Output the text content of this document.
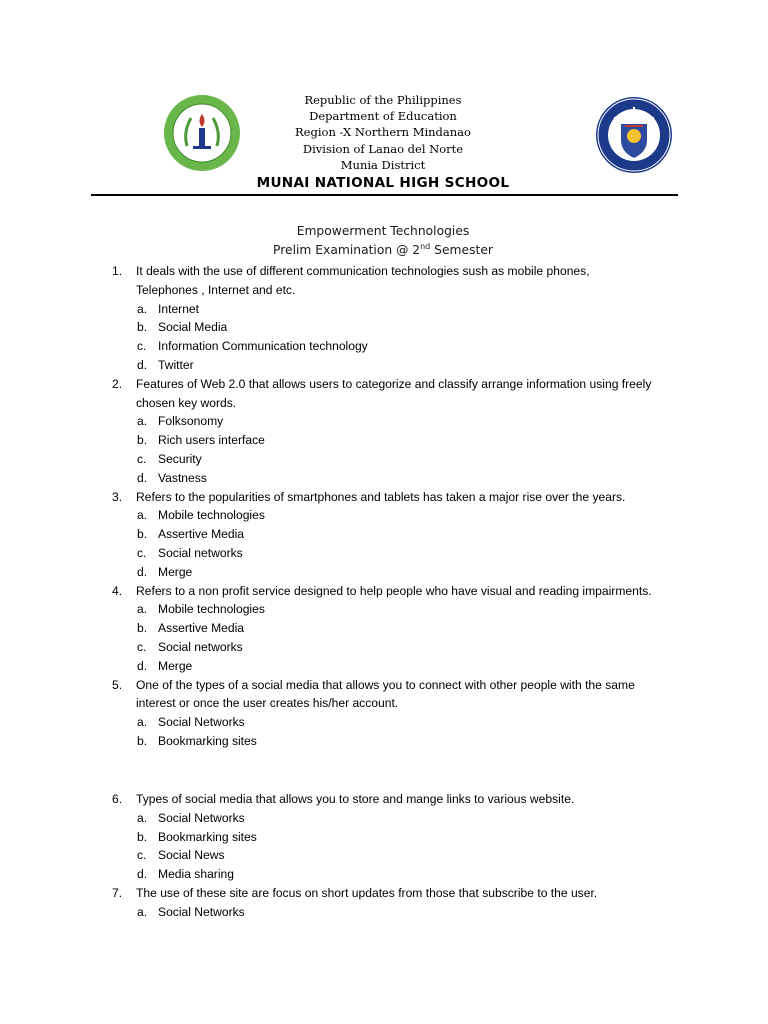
Republic of the Philippines
Department of Education
Region -X Northern Mindanao
Division of Lanao del Norte
Munia District
MUNAI NATIONAL HIGH SCHOOL
Empowerment Technologies
Prelim Examination @ 2nd Semester
1. It deals with the use of different communication technologies sush as mobile phones,
Telephones , Internet and etc.
a. Internet
b. Social Media
c. Information Communication technology
d. Twitter
2. Features of Web 2.0 that allows users to categorize and classify arrange information using freely
chosen key words.
a. Folksonomy
b. Rich users interface
c. Security
d. Vastness
3. Refers to the popularities of smartphones and tablets has taken a major rise over the years.
a. Mobile technologies
b. Assertive Media
c. Social networks
d. Merge
4. Refers to a non profit service designed to help people who have visual and reading impairments.
a. Mobile technologies
b. Assertive Media
c. Social networks
d. Merge
5. One of the types of a social media that allows you to connect with other people with the same
interest or once the user creates his/her account.
a. Social Networks
b. Bookmarking sites
6. Types of social media that allows you to store and mange links to various website.
a. Social Networks
b. Bookmarking sites
c. Social News
d. Media sharing
7. The use of these site are focus on short updates from those that subscribe to the user.
a. Social Networks
